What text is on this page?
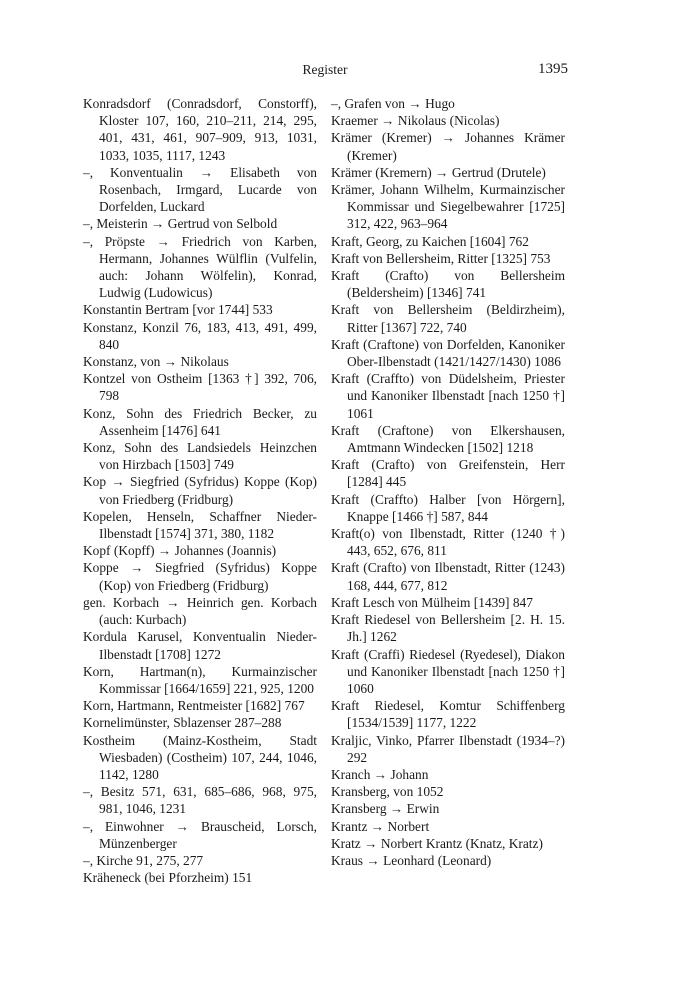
Register	1395

Konradsdorf (Conradsdorf, Constorff), Kloster 107, 160, 210–211, 214, 295, 401, 431, 461, 907–909, 913, 1031, 1033, 1035, 1117, 1243

–, Konventualin → Elisabeth von Rosenbach, Irmgard, Lucarde von Dorfelden, Luckard

–, Meisterin → Gertrud von Selbold

–, Pröpste → Friedrich von Karben, Hermann, Johannes Wülflin (Vulfelin, auch: Johann Wölfelin), Konrad, Ludwig (Ludowicus)

Konstantin Bertram [vor 1744] 533

Konstanz, Konzil 76, 183, 413, 491, 499, 840

Konstanz, von → Nikolaus

Kontzel von Ostheim [1363 †] 392, 706, 798

Konz, Sohn des Friedrich Becker, zu Assenheim [1476] 641

Konz, Sohn des Landsiedels Heinzchen von Hirzbach [1503] 749

Kop → Siegfried (Syfridus) Koppe (Kop) von Friedberg (Fridburg)

Kopelen, Henseln, Schaffner Nieder-Ilbenstadt [1574] 371, 380, 1182

Kopf (Kopff) → Johannes (Joannis)

Koppe → Siegfried (Syfridus) Koppe (Kop) von Friedberg (Fridburg)

gen. Korbach → Heinrich gen. Korbach (auch: Kurbach)

Kordula Karusel, Konventualin Nieder-Ilbenstadt [1708] 1272

Korn, Hartman(n), Kurmainzischer Kommissar [1664/1659] 221, 925, 1200

Korn, Hartmann, Rentmeister [1682] 767

Kornelimünster, Sblazenser 287–288

Kostheim (Mainz-Kostheim, Stadt Wiesbaden) (Costheim) 107, 244, 1046, 1142, 1280

–, Besitz 571, 631, 685–686, 968, 975, 981, 1046, 1231

–, Einwohner → Brauscheid, Lorsch, Münzenberger

–, Kirche 91, 275, 277

Kräheneck (bei Pforzheim) 151

–, Grafen von → Hugo

Kraemer → Nikolaus (Nicolas)

Krämer (Kremer) → Johannes Krämer (Kremer)

Krämer (Kremern) → Gertrud (Drutele)

Krämer, Johann Wilhelm, Kurmainzischer Kommissar und Siegelbewahrer [1725] 312, 422, 963–964

Kraft, Georg, zu Kaichen [1604] 762

Kraft von Bellersheim, Ritter [1325] 753

Kraft (Crafto) von Bellersheim (Beldersheim) [1346] 741

Kraft von Bellersheim (Beldirzheim), Ritter [1367] 722, 740

Kraft (Craftone) von Dorfelden, Kanoniker Ober-Ilbenstadt (1421/1427/1430) 1086

Kraft (Craffto) von Düdelsheim, Priester und Kanoniker Ilbenstadt [nach 1250 †] 1061

Kraft (Craftone) von Elkershausen, Amtmann Windecken [1502] 1218

Kraft (Crafto) von Greifenstein, Herr [1284] 445

Kraft (Craffto) Halber [von Hörgern], Knappe [1466 †] 587, 844

Kraft(o) von Ilbenstadt, Ritter (1240 †) 443, 652, 676, 811

Kraft (Crafto) von Ilbenstadt, Ritter (1243) 168, 444, 677, 812

Kraft Lesch von Mülheim [1439] 847

Kraft Riedesel von Bellersheim [2. H. 15. Jh.] 1262

Kraft (Craffi) Riedesel (Ryedesel), Diakon und Kanoniker Ilbenstadt [nach 1250 †] 1060

Kraft Riedesel, Komtur Schiffenberg [1534/1539] 1177, 1222

Kraljic, Vinko, Pfarrer Ilbenstadt (1934–?) 292

Kranch → Johann

Kransberg, von 1052

Kransberg → Erwin

Krantz → Norbert

Kratz → Norbert Krantz (Knatz, Kratz)

Kraus → Leonhard (Leonard)
